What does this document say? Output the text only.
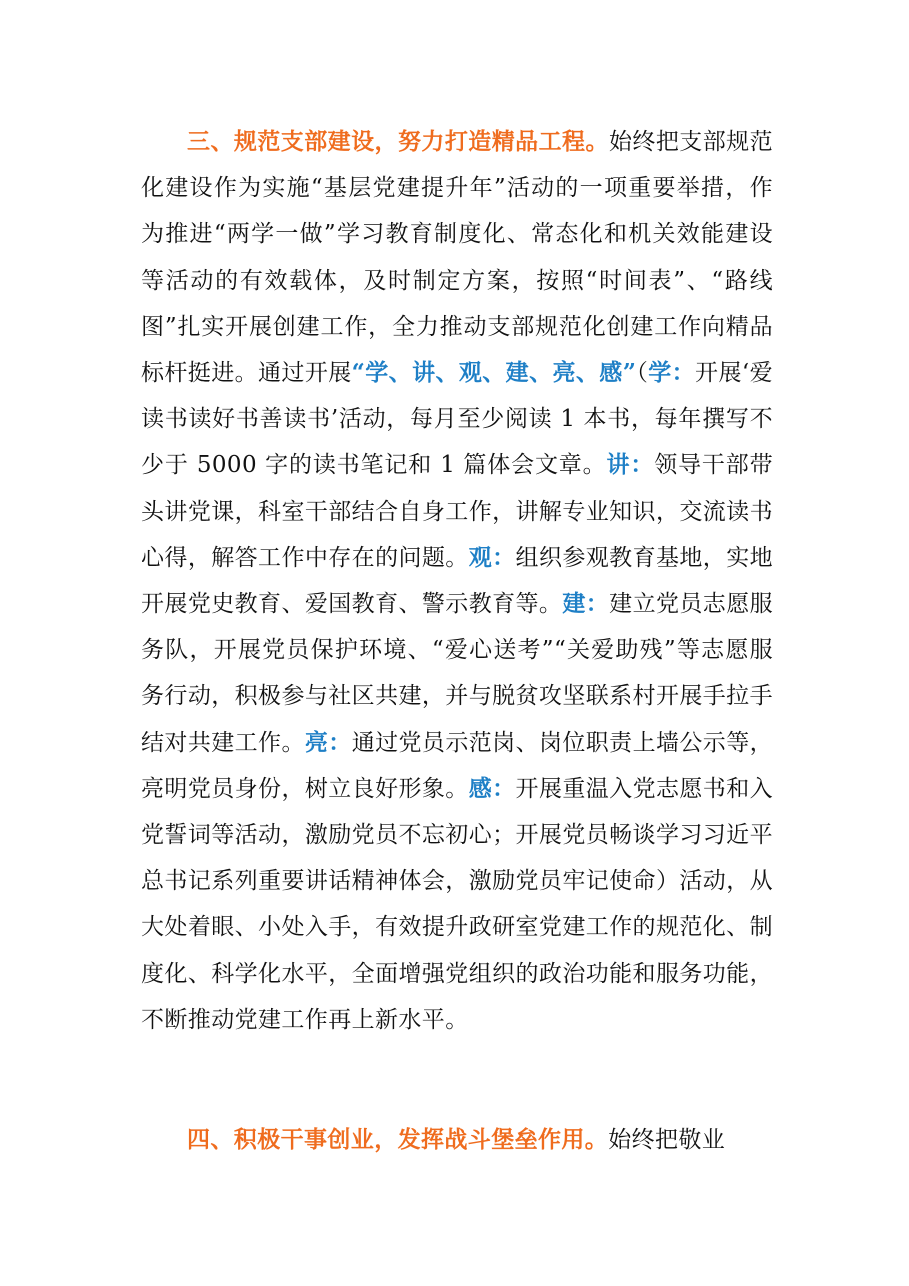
三、规范支部建设，努力打造精品工程。始终把支部规范化建设作为实施“基层党建提升年”活动的一项重要举措，作为推进“两学一做”学习教育制度化、常态化和机关效能建设等活动的有效载体，及时制定方案，按照“时间表”、“路线图”扎实开展创建工作，全力推动支部规范化创建工作向精品标杆挺进。通过开展“学、讲、观、建、亮、感”（学：开展‘爱读书读好书善读书’活动，每月至少阅读 1 本书，每年撰写不少于 5000 字的读书笔记和 1 篇体会文章。讲：领导干部带头讲党课，科室干部结合自身工作，讲解专业知识，交流读书心得，解答工作中存在的问题。观：组织参观教育基地，实地开展党史教育、爱国教育、警示教育等。建：建立党员志愿服务队，开展党员保护环境、“爱心送考”“关爱助残”等志愿服务行动，积极参与社区共建，并与脱贫攻坚联系村开展手拉手结对共建工作。亮：通过党员示范岗、岗位职责上墙公示等，亮明党员身份，树立良好形象。感：开展重温入党志愿书和入党誓词等活动，激励党员不忘初心；开展党员畅谈学习习近平总书记系列重要讲话精神体会，激励党员牢记使命）活动，从大处着眼、小处入手，有效提升政研室党建工作的规范化、制度化、科学化水平，全面增强党组织的政治功能和服务功能，不断推动党建工作再上新水平。

四、积极干事创业，发挥战斗堡垒作用。始终把敬业
